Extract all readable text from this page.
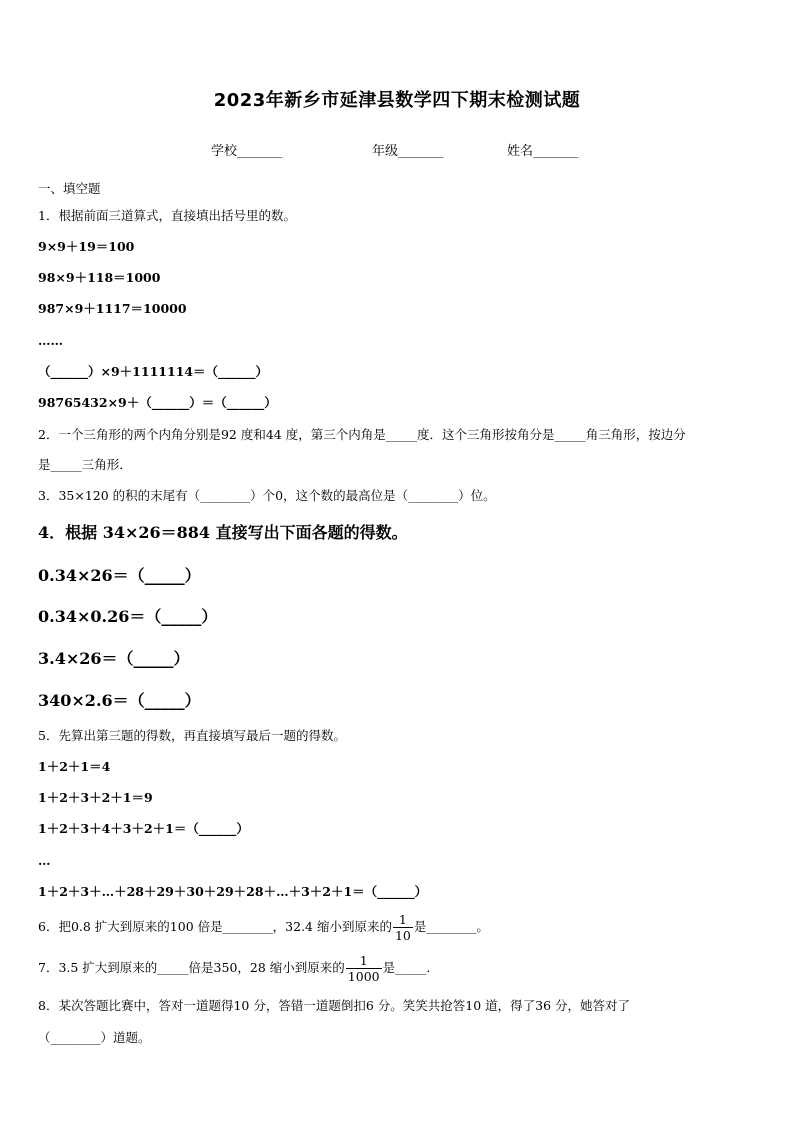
2023年新乡市延津县数学四下期末检测试题
学校_______	年级_______	姓名_______
一、填空题
1．根据前面三道算式，直接填出括号里的数。
9×9＋19＝100
98×9＋118＝1000
987×9＋1117＝10000
……
（______）×9＋1111114＝（______）
98765432×9＋（______）＝（______）
2．一个三角形的两个内角分别是92 度和44 度，第三个内角是_____度．这个三角形按角分是_____角三角形，按边分
是_____三角形．
3．35×120 的积的末尾有（________）个0，这个数的最高位是（________）位。
4．根据 34×26＝884 直接写出下面各题的得数。
0.34×26＝（_____）
0.34×0.26＝（_____）
3.4×26＝（_____）
340×2.6＝（_____）
5．先算出第三题的得数，再直接填写最后一题的得数。
1＋2＋1＝4
1＋2＋3＋2＋1＝9
1＋2＋3＋4＋3＋2＋1＝（______）
…
1＋2＋3＋…＋28＋29＋30＋29＋28＋…＋3＋2＋1＝（______）
6．把0.8 扩大到原来的100 倍是________，32.4 缩小到原来的 $\frac{1}{10}$ 是________。
7．3.5 扩大到原来的_____倍是350，28 缩小到原来的 $\frac{1}{1000}$ 是_____.
8．某次答题比赛中，答对一道题得10 分，答错一道题倒扣6 分。笑笑共抢答10 道，得了36 分，她答对了
（________）道题。
